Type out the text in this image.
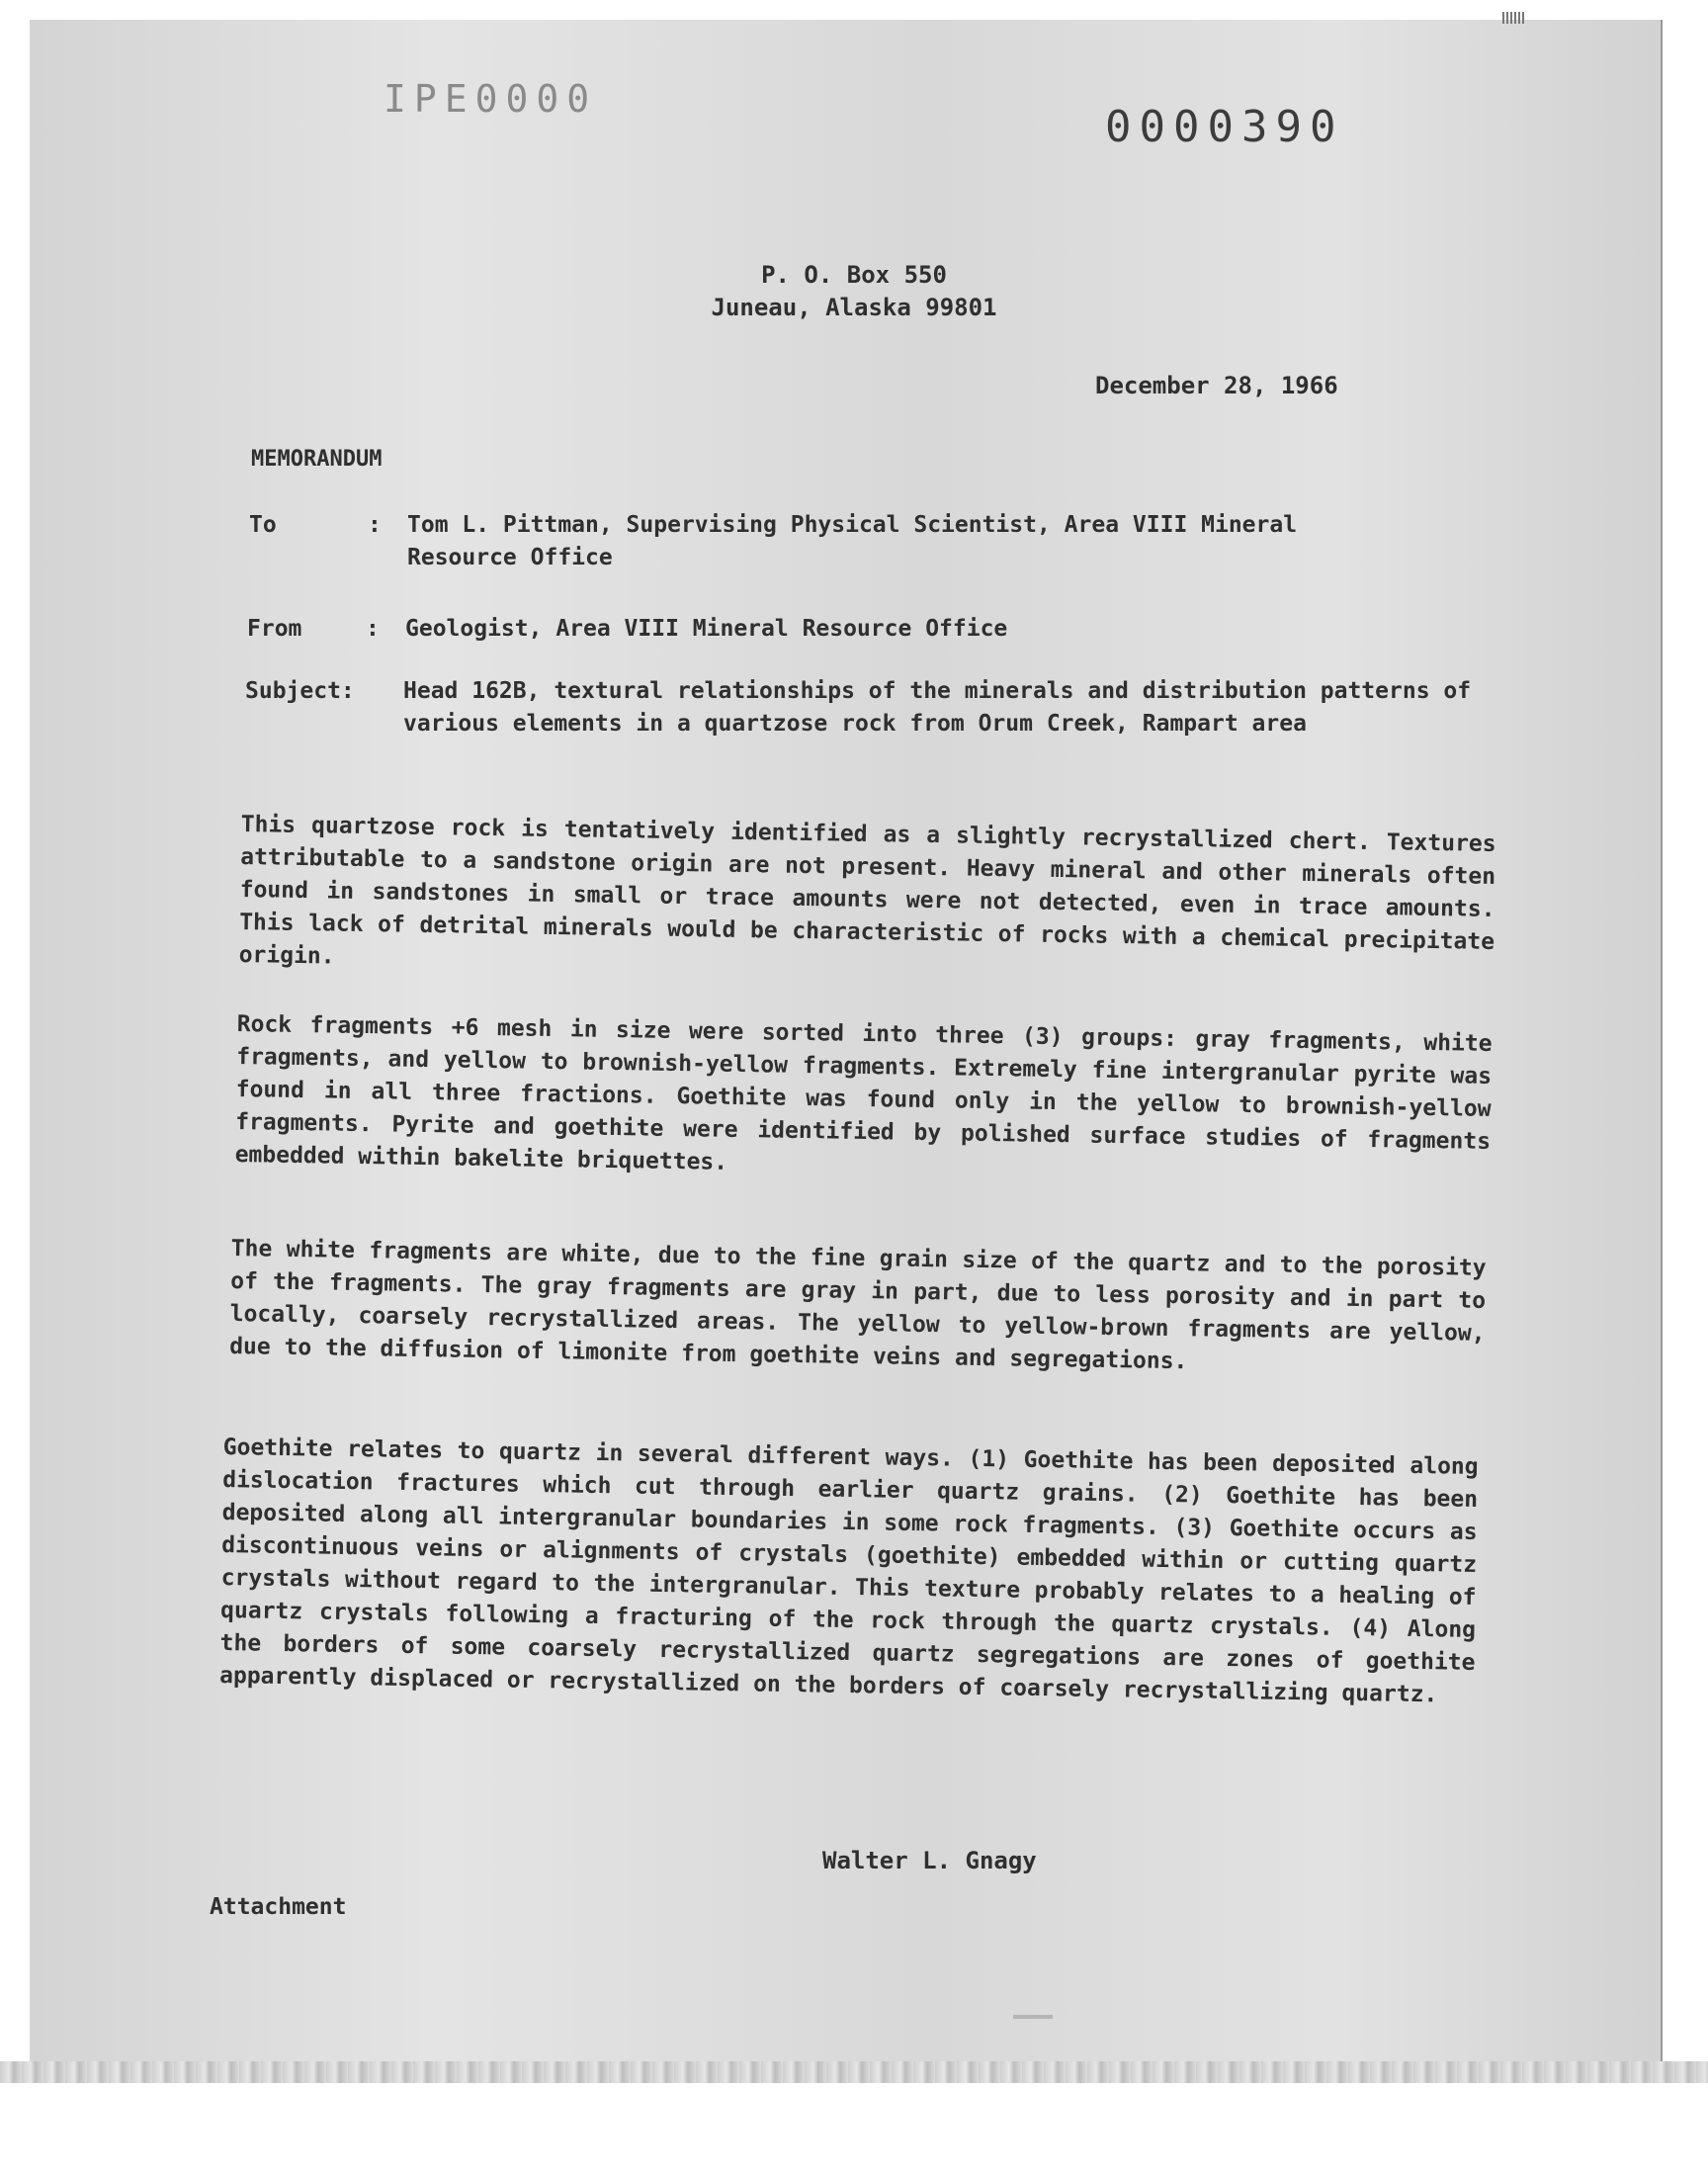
IPE0000
0000390
P. O. Box 550
Juneau, Alaska 99801
December 28, 1966
MEMORANDUM
To	:	Tom L. Pittman, Supervising Physical Scientist, Area VIII Mineral Resource Office
From	:	Geologist, Area VIII Mineral Resource Office
Subject:	Head 162B, textural relationships of the minerals and distribution patterns of various elements in a quartzose rock from Orum Creek, Rampart area
This quartzose rock is tentatively identified as a slightly recrystallized chert. Textures attributable to a sandstone origin are not present. Heavy mineral and other minerals often found in sandstones in small or trace amounts were not detected, even in trace amounts. This lack of detrital minerals would be characteristic of rocks with a chemical precipitate origin.
Rock fragments +6 mesh in size were sorted into three (3) groups: gray fragments, white fragments, and yellow to brownish-yellow fragments. Extremely fine intergranular pyrite was found in all three fractions. Goethite was found only in the yellow to brownish-yellow fragments. Pyrite and goethite were identified by polished surface studies of fragments embedded within bakelite briquettes.
The white fragments are white, due to the fine grain size of the quartz and to the porosity of the fragments. The gray fragments are gray in part, due to less porosity and in part to locally, coarsely recrystallized areas. The yellow to yellow-brown fragments are yellow, due to the diffusion of limonite from goethite veins and segregations.
Goethite relates to quartz in several different ways. (1) Goethite has been deposited along dislocation fractures which cut through earlier quartz grains. (2) Goethite has been deposited along all intergranular boundaries in some rock fragments. (3) Goethite occurs as discontinuous veins or alignments of crystals (goethite) embedded within or cutting quartz crystals without regard to the intergranular. This texture probably relates to a healing of quartz crystals following a fracturing of the rock through the quartz crystals. (4) Along the borders of some coarsely recrystallized quartz segregations are zones of goethite apparently displaced or recrystallized on the borders of coarsely recrystallizing quartz.
Walter L. Gnagy
Attachment
